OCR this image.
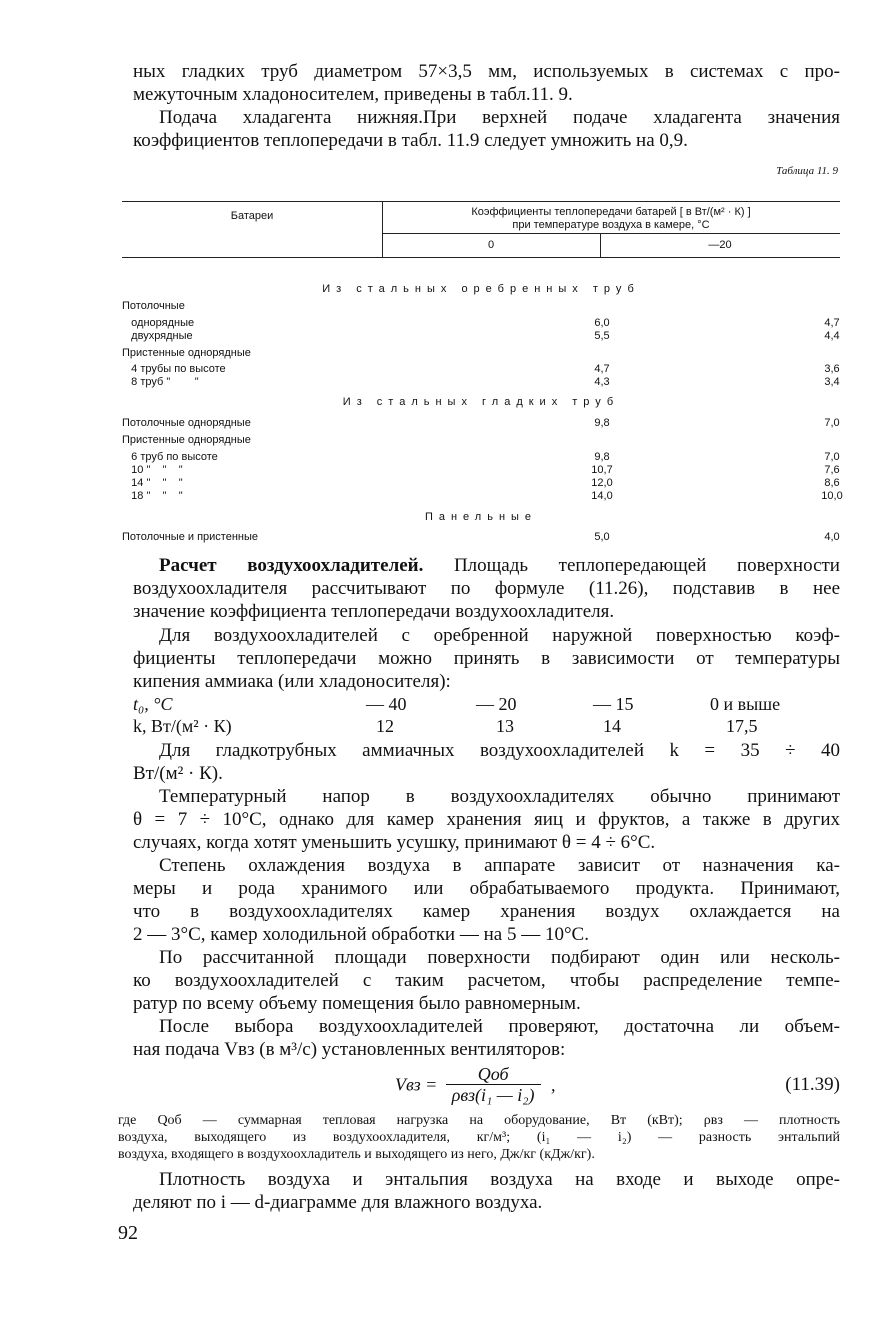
ных гладких труб диаметром 57×3,5 мм, используемых в системах с про-
межуточным хладоносителем, приведены в табл.11. 9.
Подача хладагента нижняя.При верхней подаче хладагента значения
коэффициентов теплопередачи в табл. 11.9 следует умножить на 0,9.
Таблица 11. 9
Батареи	Коэффициенты теплопередачи батарей [ в Вт/(м² · К) ]
при температуре воздуха в камере, °С
0	—20
Из стальных оребренных труб
Потолочные
однорядные	6,0	4,7
двухрядные	5,5	4,4
Пристенные однорядные
4 трубы по высоте	4,7	3,6
8 труб "        "	4,3	3,4
Из стальных гладких труб
Потолочные однорядные	9,8	7,0
Пристенные однорядные
6 труб по высоте	9,8	7,0
10 "    "    "	10,7	7,6
14 "    "    "	12,0	8,6
18 "    "    "	14,0	10,0
Панельные
Потолочные и пристенные	5,0	4,0
Расчет воздухоохладителей. Площадь теплопередающей поверхности
воздухоохладителя рассчитывают по формуле (11.26), подставив в нее
значение коэффициента теплопередачи воздухоохладителя.
Для воздухоохладителей с оребренной наружной поверхностью коэф-
фициенты теплопередачи можно принять в зависимости от температуры
кипения аммиака (или хладоносителя):
t₀, °С	— 40	— 20	— 15	0 и выше
k, Вт/(м² · К)	12	13	14	17,5
Для гладкотрубных аммиачных воздухоохладителей k = 35 ÷ 40
Вт/(м² · К).
Температурный напор в воздухоохладителях обычно принимают
θ = 7 ÷ 10°С, однако для камер хранения яиц и фруктов, а также в других
случаях, когда хотят уменьшить усушку, принимают θ = 4 ÷ 6°С.
Степень охлаждения воздуха в аппарате зависит от назначения ка-
меры и рода хранимого или обрабатываемого продукта. Принимают,
что в воздухоохладителях камер хранения воздух охлаждается на
2 — 3°С, камер холодильной обработки — на 5 — 10°С.
По рассчитанной площади поверхности подбирают один или несколь-
ко воздухоохладителей с таким расчетом, чтобы распределение темпе-
ратур по всему объему помещения было равномерным.
После выбора воздухоохладителей проверяют, достаточна ли объем-
ная подача Vвз (в м³/с) установленных вентиляторов:
Vвз =
Qоб
ρвз(i₁ — i₂)
,	(11.39)
где Qоб — суммарная тепловая нагрузка на оборудование, Вт (кВт); ρвз — плотность
воздуха, выходящего из воздухоохладителя, кг/м³; (i₁ — i₂) — разность энтальпий
воздуха, входящего в воздухоохладитель и выходящего из него, Дж/кг (кДж/кг).
Плотность воздуха и энтальпия воздуха на входе и выходе опре-
деляют по i — d-диаграмме для влажного воздуха.
92
